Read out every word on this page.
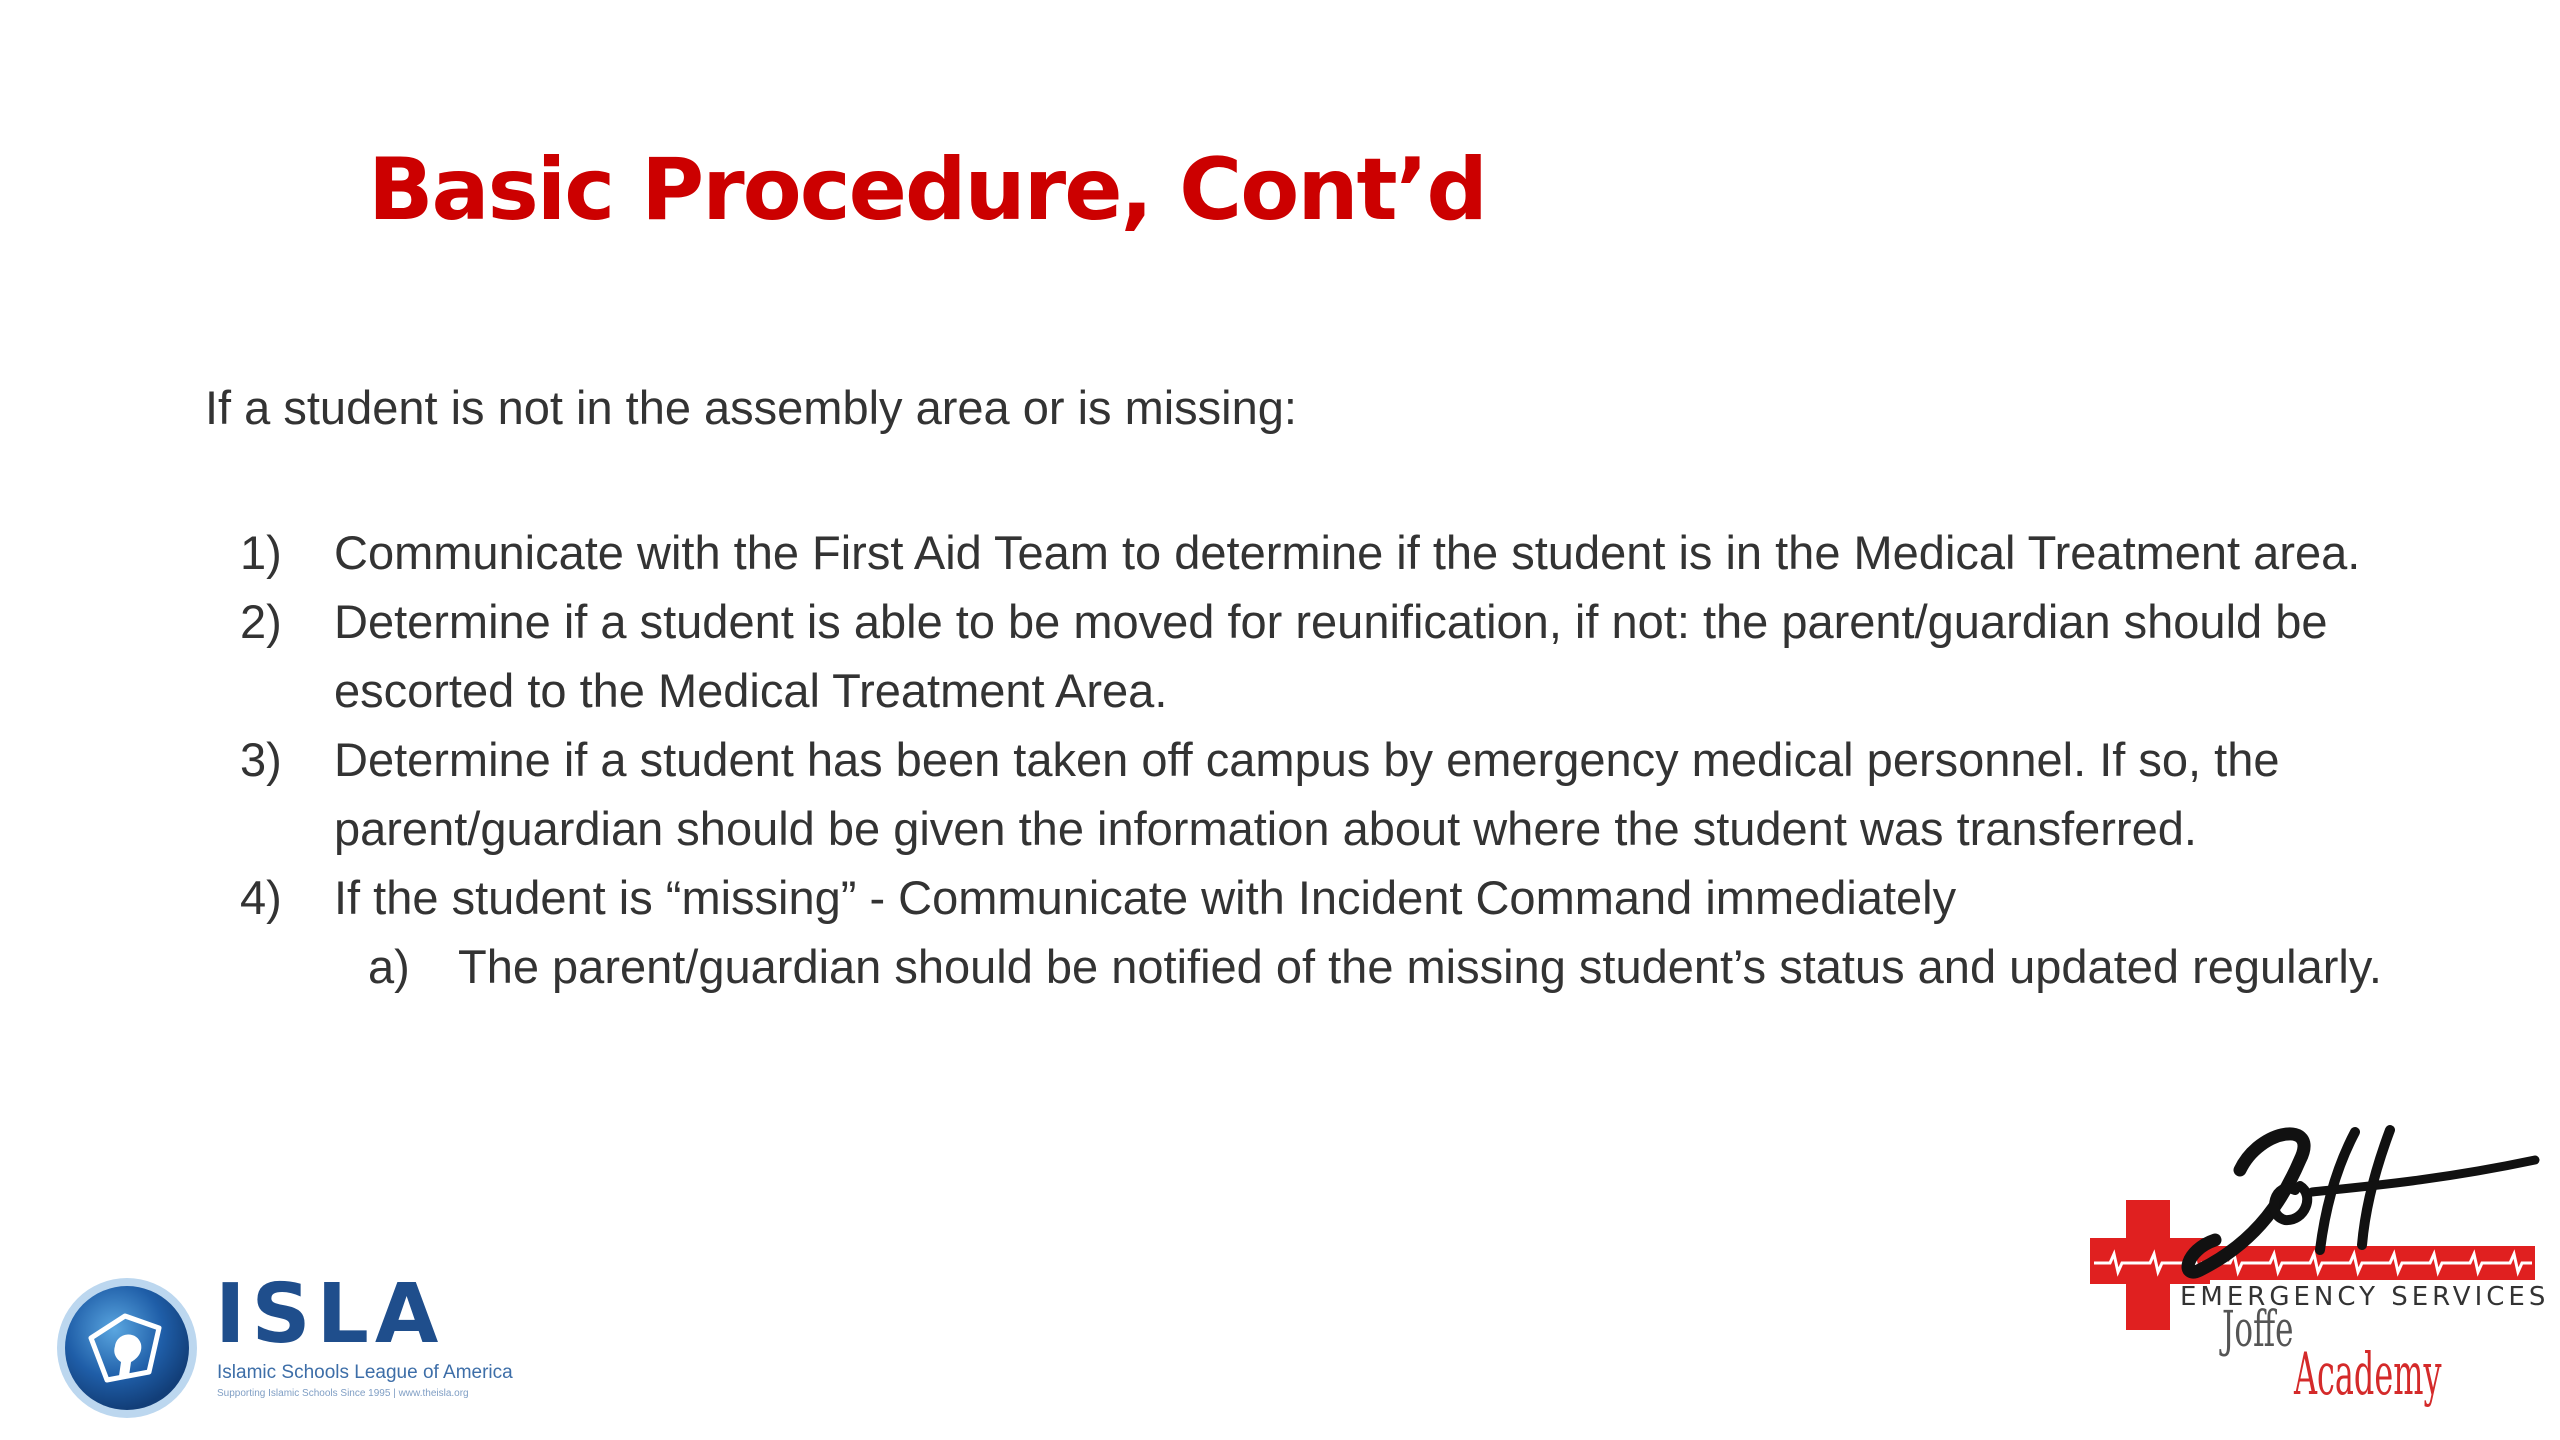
Basic Procedure, Cont’d
If a student is not in the assembly area or is missing:
1)	Communicate with the First Aid Team to determine if the student is in the Medical Treatment area.
2)	Determine if a student is able to be moved for reunification, if not: the parent/guardian should be escorted to the Medical Treatment Area.
3)	Determine if a student has been taken off campus by emergency medical personnel. If so, the parent/guardian should be given the information about where the student was transferred.
4)	If the student is “missing” - Communicate with Incident Command immediately
a)	The parent/guardian should be notified of the missing student’s status and updated regularly.
ISLA
Islamic Schools League of America
Supporting Islamic Schools Since 1995 | www.theisla.org
EMERGENCY SERVICES
Joffe
Academy
